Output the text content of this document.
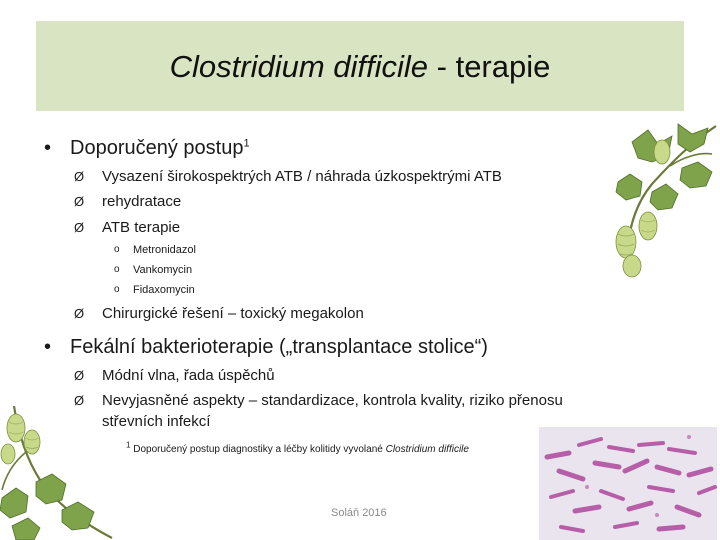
Clostridium difficile - terapie
• Doporučený postup$^1$
Ø Vysazení širokospektrých ATB / náhrada úzkospektrými ATB
Ø rehydratace
Ø ATB terapie
o Metronidazol
o Vankomycin
o Fidaxomycin
Ø Chirurgické řešení – toxický megakolon
• Fekální bakterioterapie („transplantace stolice“)
Ø Módní vlna, řada úspěchů
Ø Nevyjasněné aspekty – standardizace, kontrola kvality, riziko přenosu
střevních infekcí
$^1$ Doporučený postup diagnostiky a léčby kolitidy vyvolané Clostridium difficile
Soláň 2016
